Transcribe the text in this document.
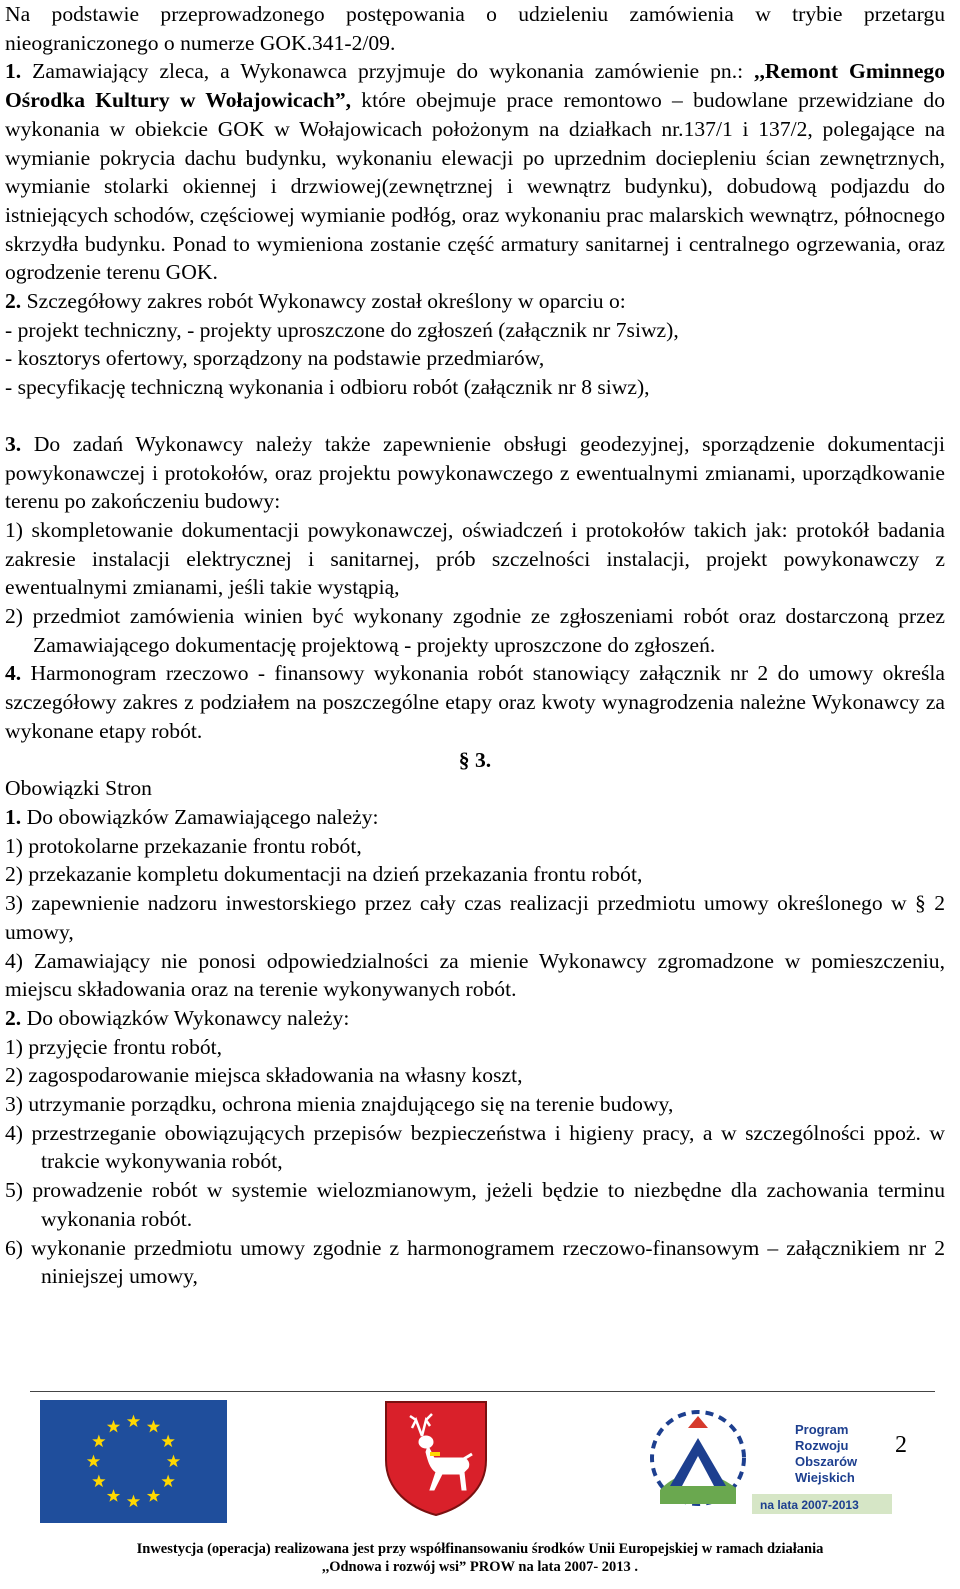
Na podstawie przeprowadzonego postępowania o udzieleniu zamówienia w trybie przetargu

nieograniczonego o numerze GOK.341-2/09.

1. Zamawiający zleca, a Wykonawca przyjmuje do wykonania zamówienie pn.: ,,Remont Gminnego Ośrodka Kultury w Wołajowicach”, które obejmuje prace remontowo – budowlane przewidziane do wykonania w obiekcie GOK w Wołajowicach położonym na działkach nr.137/1 i 137/2, polegające na wymianie pokrycia dachu budynku, wykonaniu elewacji po uprzednim dociepleniu ścian zewnętrznych, wymianie stolarki okiennej i drzwiowej(zewnętrznej i wewnątrz budynku), dobudową podjazdu do istniejących schodów, częściowej wymianie podłóg, oraz wykonaniu prac malarskich wewnątrz, północnego skrzydła budynku. Ponad to wymieniona zostanie część armatury sanitarnej i centralnego ogrzewania, oraz ogrodzenie terenu GOK.

2. Szczegółowy zakres robót Wykonawcy został określony w oparciu o:

- projekt techniczny, - projekty uproszczone do zgłoszeń (załącznik nr 7siwz),

- kosztorys ofertowy, sporządzony na podstawie przedmiarów,

- specyfikację techniczną wykonania i odbioru robót (załącznik nr 8 siwz),

3. Do zadań Wykonawcy należy także zapewnienie obsługi geodezyjnej, sporządzenie dokumentacji powykonawczej i protokołów, oraz projektu powykonawczego z ewentualnymi zmianami, uporządkowanie terenu po zakończeniu budowy:

1) skompletowanie dokumentacji powykonawczej, oświadczeń i protokołów takich jak: protokół badania zakresie instalacji elektrycznej i sanitarnej, prób szczelności instalacji, projekt powykonawczy z ewentualnymi zmianami, jeśli takie wystąpią,

2) przedmiot zamówienia winien być wykonany zgodnie ze zgłoszeniami robót oraz dostarczoną przez Zamawiającego dokumentację projektową - projekty uproszczone do zgłoszeń.

4. Harmonogram rzeczowo - finansowy wykonania robót stanowiący załącznik nr 2 do umowy określa szczegółowy zakres z podziałem na poszczególne etapy oraz kwoty wynagrodzenia należne Wykonawcy za wykonane etapy robót.

§ 3.

Obowiązki Stron

1. Do obowiązków Zamawiającego należy:

1) protokolarne przekazanie frontu robót,

2) przekazanie kompletu dokumentacji na dzień przekazania frontu robót,

3) zapewnienie nadzoru inwestorskiego przez cały czas realizacji przedmiotu umowy określonego w § 2 umowy,

4) Zamawiający nie ponosi odpowiedzialności za mienie Wykonawcy zgromadzone w pomieszczeniu, miejscu składowania oraz na terenie wykonywanych robót.

2. Do obowiązków Wykonawcy należy:

1) przyjęcie frontu robót,

2) zagospodarowanie miejsca składowania na własny koszt,

3) utrzymanie porządku, ochrona mienia znajdującego się na terenie budowy,

4) przestrzeganie obowiązujących przepisów bezpieczeństwa i higieny pracy, a w szczególności ppoż. w trakcie wykonywania robót,

5) prowadzenie robót w systemie wielozmianowym, jeżeli będzie to niezbędne dla zachowania terminu wykonania robót.

6) wykonanie przedmiotu umowy zgodnie z harmonogramem rzeczowo-finansowym – załącznikiem nr 2 niniejszej umowy,

Program
Rozwoju
Obszarów
Wiejskich
na lata 2007-2013
2
Inwestycja (operacja) realizowana jest przy współfinansowaniu środków Unii Europejskiej w ramach działania
,,Odnowa i rozwój wsi” PROW na lata 2007- 2013 .
